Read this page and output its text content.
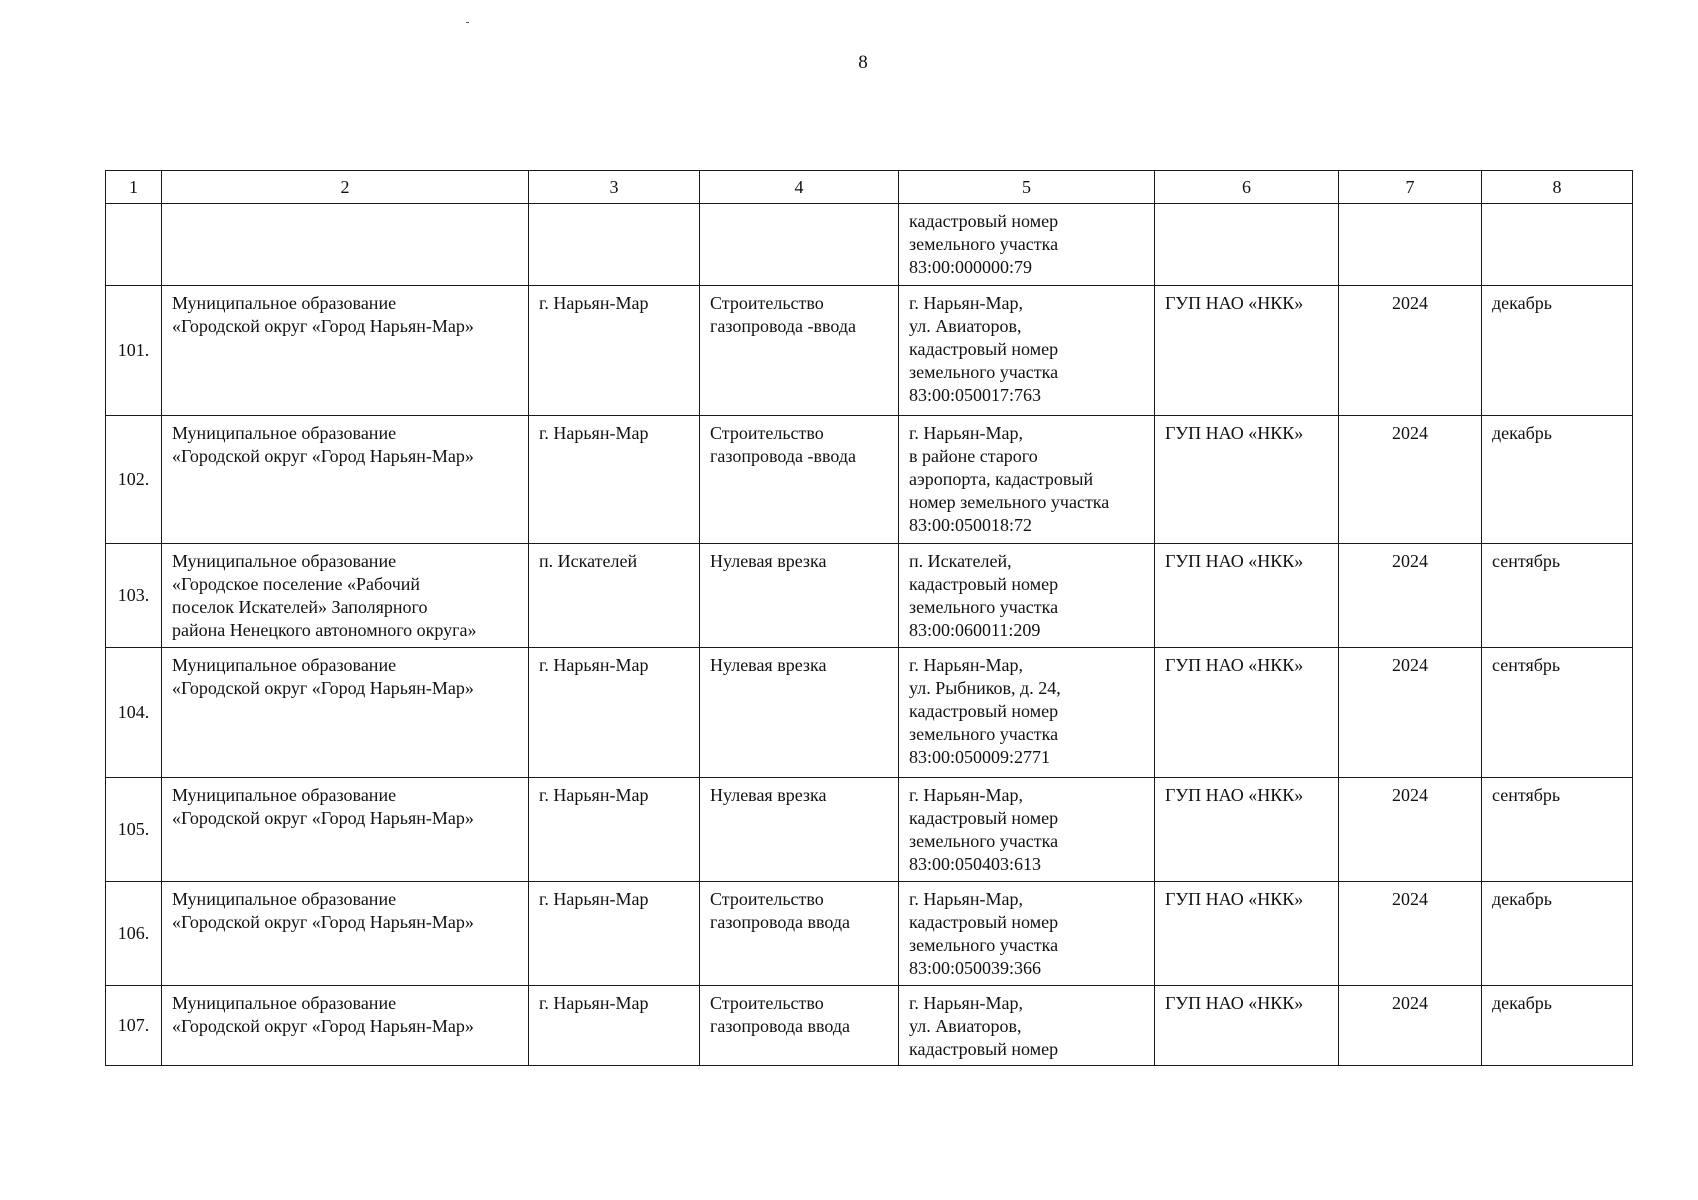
8
1	2	3	4	5	6	7	8

				кадастровый номер
земельного участка
83:00:000000:79			

101.	Муниципальное образование
«Городской округ «Город Нарьян-Мар»	г. Нарьян-Мар	Строительство
газопровода -ввода	г. Нарьян-Мар,
ул. Авиаторов,
кадастровый номер
земельного участка
83:00:050017:763	ГУП НАО «НКК»	2024	декабрь
102.	Муниципальное образование
«Городской округ «Город Нарьян-Мар»	г. Нарьян-Мар	Строительство
газопровода -ввода	г. Нарьян-Мар,
в районе старого
аэропорта, кадастровый
номер земельного участка
83:00:050018:72	ГУП НАО «НКК»	2024	декабрь
103.	Муниципальное образование
«Городское поселение «Рабочий
поселок Искателей» Заполярного
района Ненецкого автономного округа»	п. Искателей	Нулевая врезка	п. Искателей,
кадастровый номер
земельного участка
83:00:060011:209	ГУП НАО «НКК»	2024	сентябрь
104.	Муниципальное образование
«Городской округ «Город Нарьян-Мар»	г. Нарьян-Мар	Нулевая врезка	г. Нарьян-Мар,
ул. Рыбников, д. 24,
кадастровый номер
земельного участка
83:00:050009:2771	ГУП НАО «НКК»	2024	сентябрь
105.	Муниципальное образование
«Городской округ «Город Нарьян-Мар»	г. Нарьян-Мар	Нулевая врезка	г. Нарьян-Мар,
кадастровый номер
земельного участка
83:00:050403:613	ГУП НАО «НКК»	2024	сентябрь
106.	Муниципальное образование
«Городской округ «Город Нарьян-Мар»	г. Нарьян-Мар	Строительство
газопровода ввода	г. Нарьян-Мар,
кадастровый номер
земельного участка
83:00:050039:366	ГУП НАО «НКК»	2024	декабрь
107.	Муниципальное образование
«Городской округ «Город Нарьян-Мар»	г. Нарьян-Мар	Строительство
газопровода ввода	г. Нарьян-Мар,
ул. Авиаторов,
кадастровый номер	ГУП НАО «НКК»	2024	декабрь
